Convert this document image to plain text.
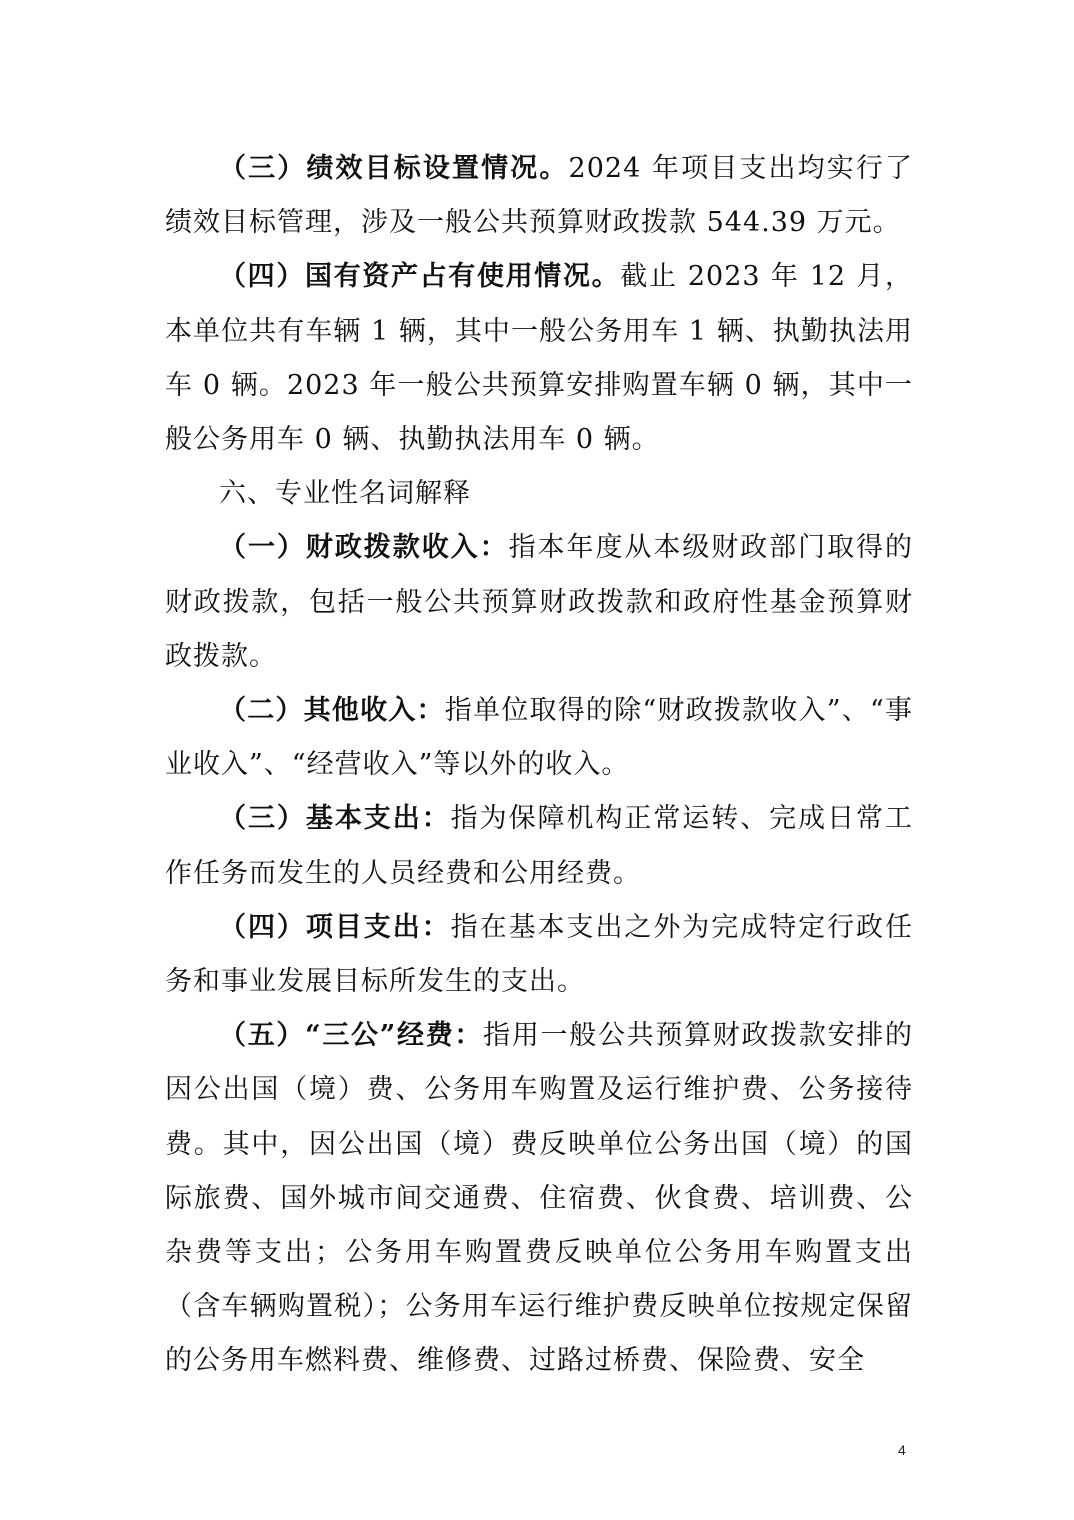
（三）绩效目标设置情况。2024 年项目支出均实行了绩效目标管理，涉及一般公共预算财政拨款 544.39 万元。

（四）国有资产占有使用情况。截止 2023 年 12 月，本单位共有车辆 1 辆，其中一般公务用车 1 辆、执勤执法用车 0 辆。2023 年一般公共预算安排购置车辆 0 辆，其中一般公务用车 0 辆、执勤执法用车 0 辆。

六、专业性名词解释

（一）财政拨款收入：指本年度从本级财政部门取得的财政拨款，包括一般公共预算财政拨款和政府性基金预算财政拨款。

（二）其他收入：指单位取得的除“财政拨款收入”、“事业收入”、“经营收入”等以外的收入。

（三）基本支出：指为保障机构正常运转、完成日常工作任务而发生的人员经费和公用经费。

（四）项目支出：指在基本支出之外为完成特定行政任务和事业发展目标所发生的支出。

（五）“三公”经费：指用一般公共预算财政拨款安排的因公出国（境）费、公务用车购置及运行维护费、公务接待费。其中，因公出国（境）费反映单位公务出国（境）的国际旅费、国外城市间交通费、住宿费、伙食费、培训费、公杂费等支出；公务用车购置费反映单位公务用车购置支出（含车辆购置税）；公务用车运行维护费反映单位按规定保留的公务用车燃料费、维修费、过路过桥费、保险费、安全

4
